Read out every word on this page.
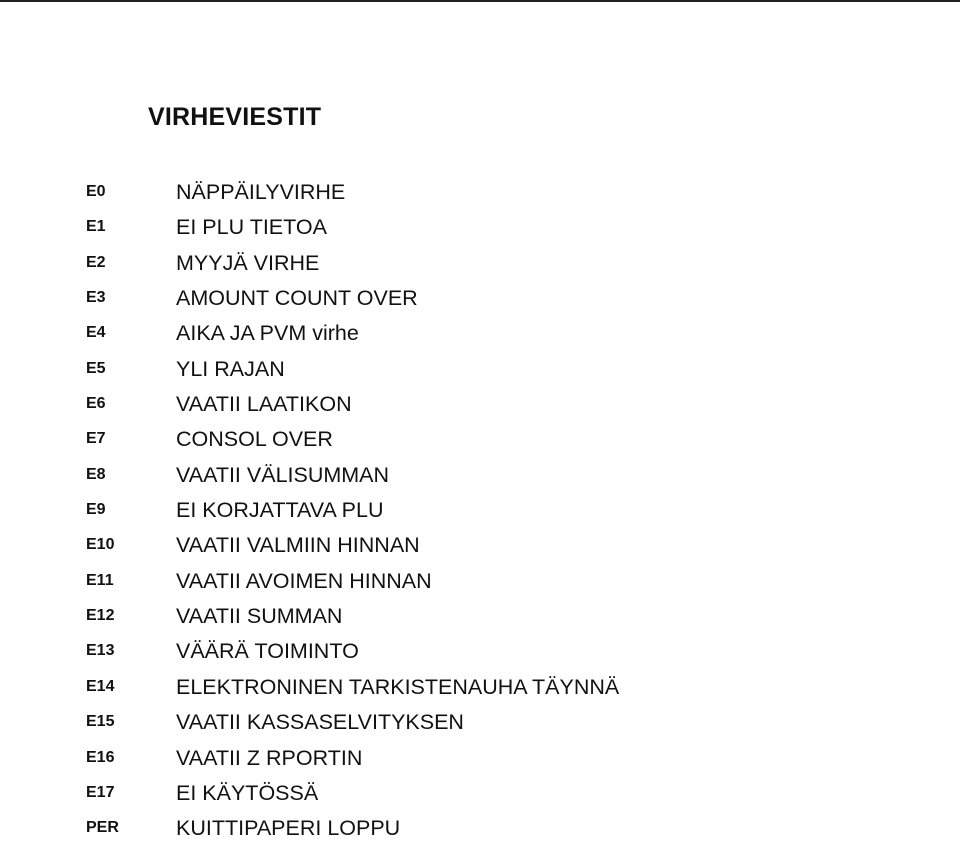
VIRHEVIESTIT
E0	NÄPPÄILYVIRHE
E1	EI PLU TIETOA
E2	MYYJÄ VIRHE
E3	AMOUNT COUNT OVER
E4	AIKA JA PVM virhe
E5	YLI RAJAN
E6	VAATII LAATIKON
E7	CONSOL OVER
E8	VAATII VÄLISUMMAN
E9	EI KORJATTAVA PLU
E10	VAATII VALMIIN HINNAN
E11	VAATII AVOIMEN HINNAN
E12	VAATII SUMMAN
E13	VÄÄRÄ TOIMINTO
E14	ELEKTRONINEN TARKISTENAUHA TÄYNNÄ
E15	VAATII KASSASELVITYKSEN
E16	VAATII Z RPORTIN
E17	EI KÄYTÖSSÄ
PER	KUITTIPAPERI LOPPU
